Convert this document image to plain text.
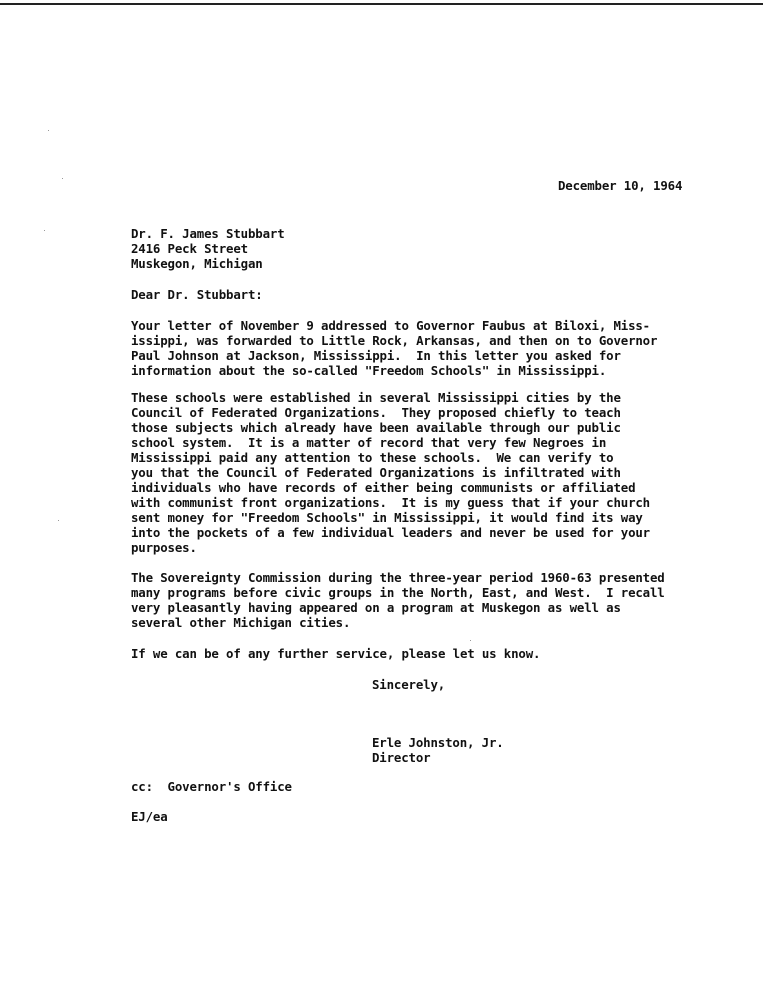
December 10, 1964
Dr. F. James Stubbart
2416 Peck Street
Muskegon, Michigan
Dear Dr. Stubbart:
Your letter of November 9 addressed to Governor Faubus at Biloxi, Miss-
issippi, was forwarded to Little Rock, Arkansas, and then on to Governor
Paul Johnson at Jackson, Mississippi.  In this letter you asked for
information about the so-called "Freedom Schools" in Mississippi.
These schools were established in several Mississippi cities by the
Council of Federated Organizations.  They proposed chiefly to teach
those subjects which already have been available through our public
school system.  It is a matter of record that very few Negroes in
Mississippi paid any attention to these schools.  We can verify to
you that the Council of Federated Organizations is infiltrated with
individuals who have records of either being communists or affiliated
with communist front organizations.  It is my guess that if your church
sent money for "Freedom Schools" in Mississippi, it would find its way
into the pockets of a few individual leaders and never be used for your
purposes.
The Sovereignty Commission during the three-year period 1960-63 presented
many programs before civic groups in the North, East, and West.  I recall
very pleasantly having appeared on a program at Muskegon as well as
several other Michigan cities.
If we can be of any further service, please let us know.
Sincerely,
Erle Johnston, Jr.
Director
cc:  Governor's Office
EJ/ea
